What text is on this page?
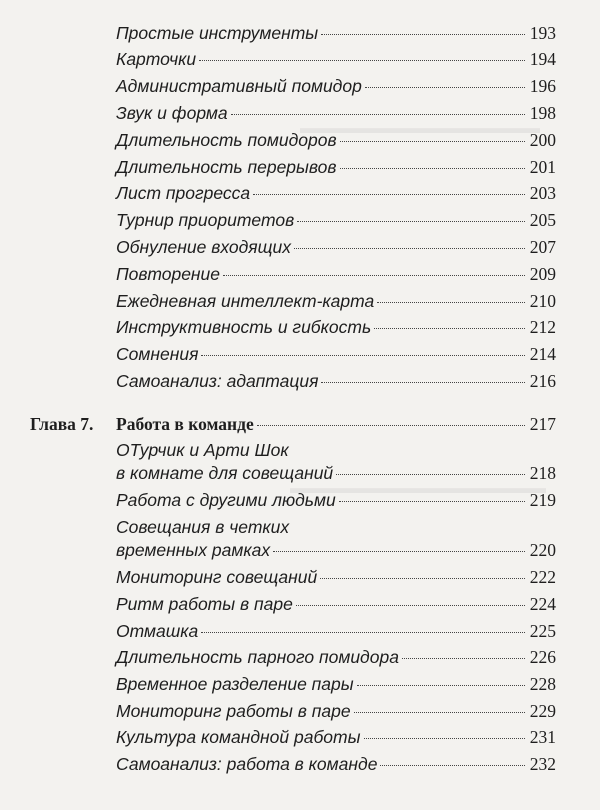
▬▬▬▬▬▬▬▬▬▬▬▬▬▬▬
▬▬▬▬▬▬▬▬▬▬▬▬▬▬▬▬
Простые инструменты	193
Карточки	194
Административный помидор	196
Звук и форма	198
Длительность помидоров	200
Длительность перерывов	201
Лист прогресса	203
Турнир приоритетов	205
Обнуление входящих	207
Повторение	209
Ежедневная интеллект-карта	210
Инструктивность и гибкость	212
Сомнения	214
Самоанализ: адаптация	216
Глава 7. Работа в команде	217
ОТурчик и Арти Шок
в комнате для совещаний	218
Работа с другими людьми	219
Совещания в четких
временных рамках	220
Мониторинг совещаний	222
Ритм работы в паре	224
Отмашка	225
Длительность парного помидора	226
Временное разделение пары	228
Мониторинг работы в паре	229
Культура командной работы	231
Самоанализ: работа в команде	232
